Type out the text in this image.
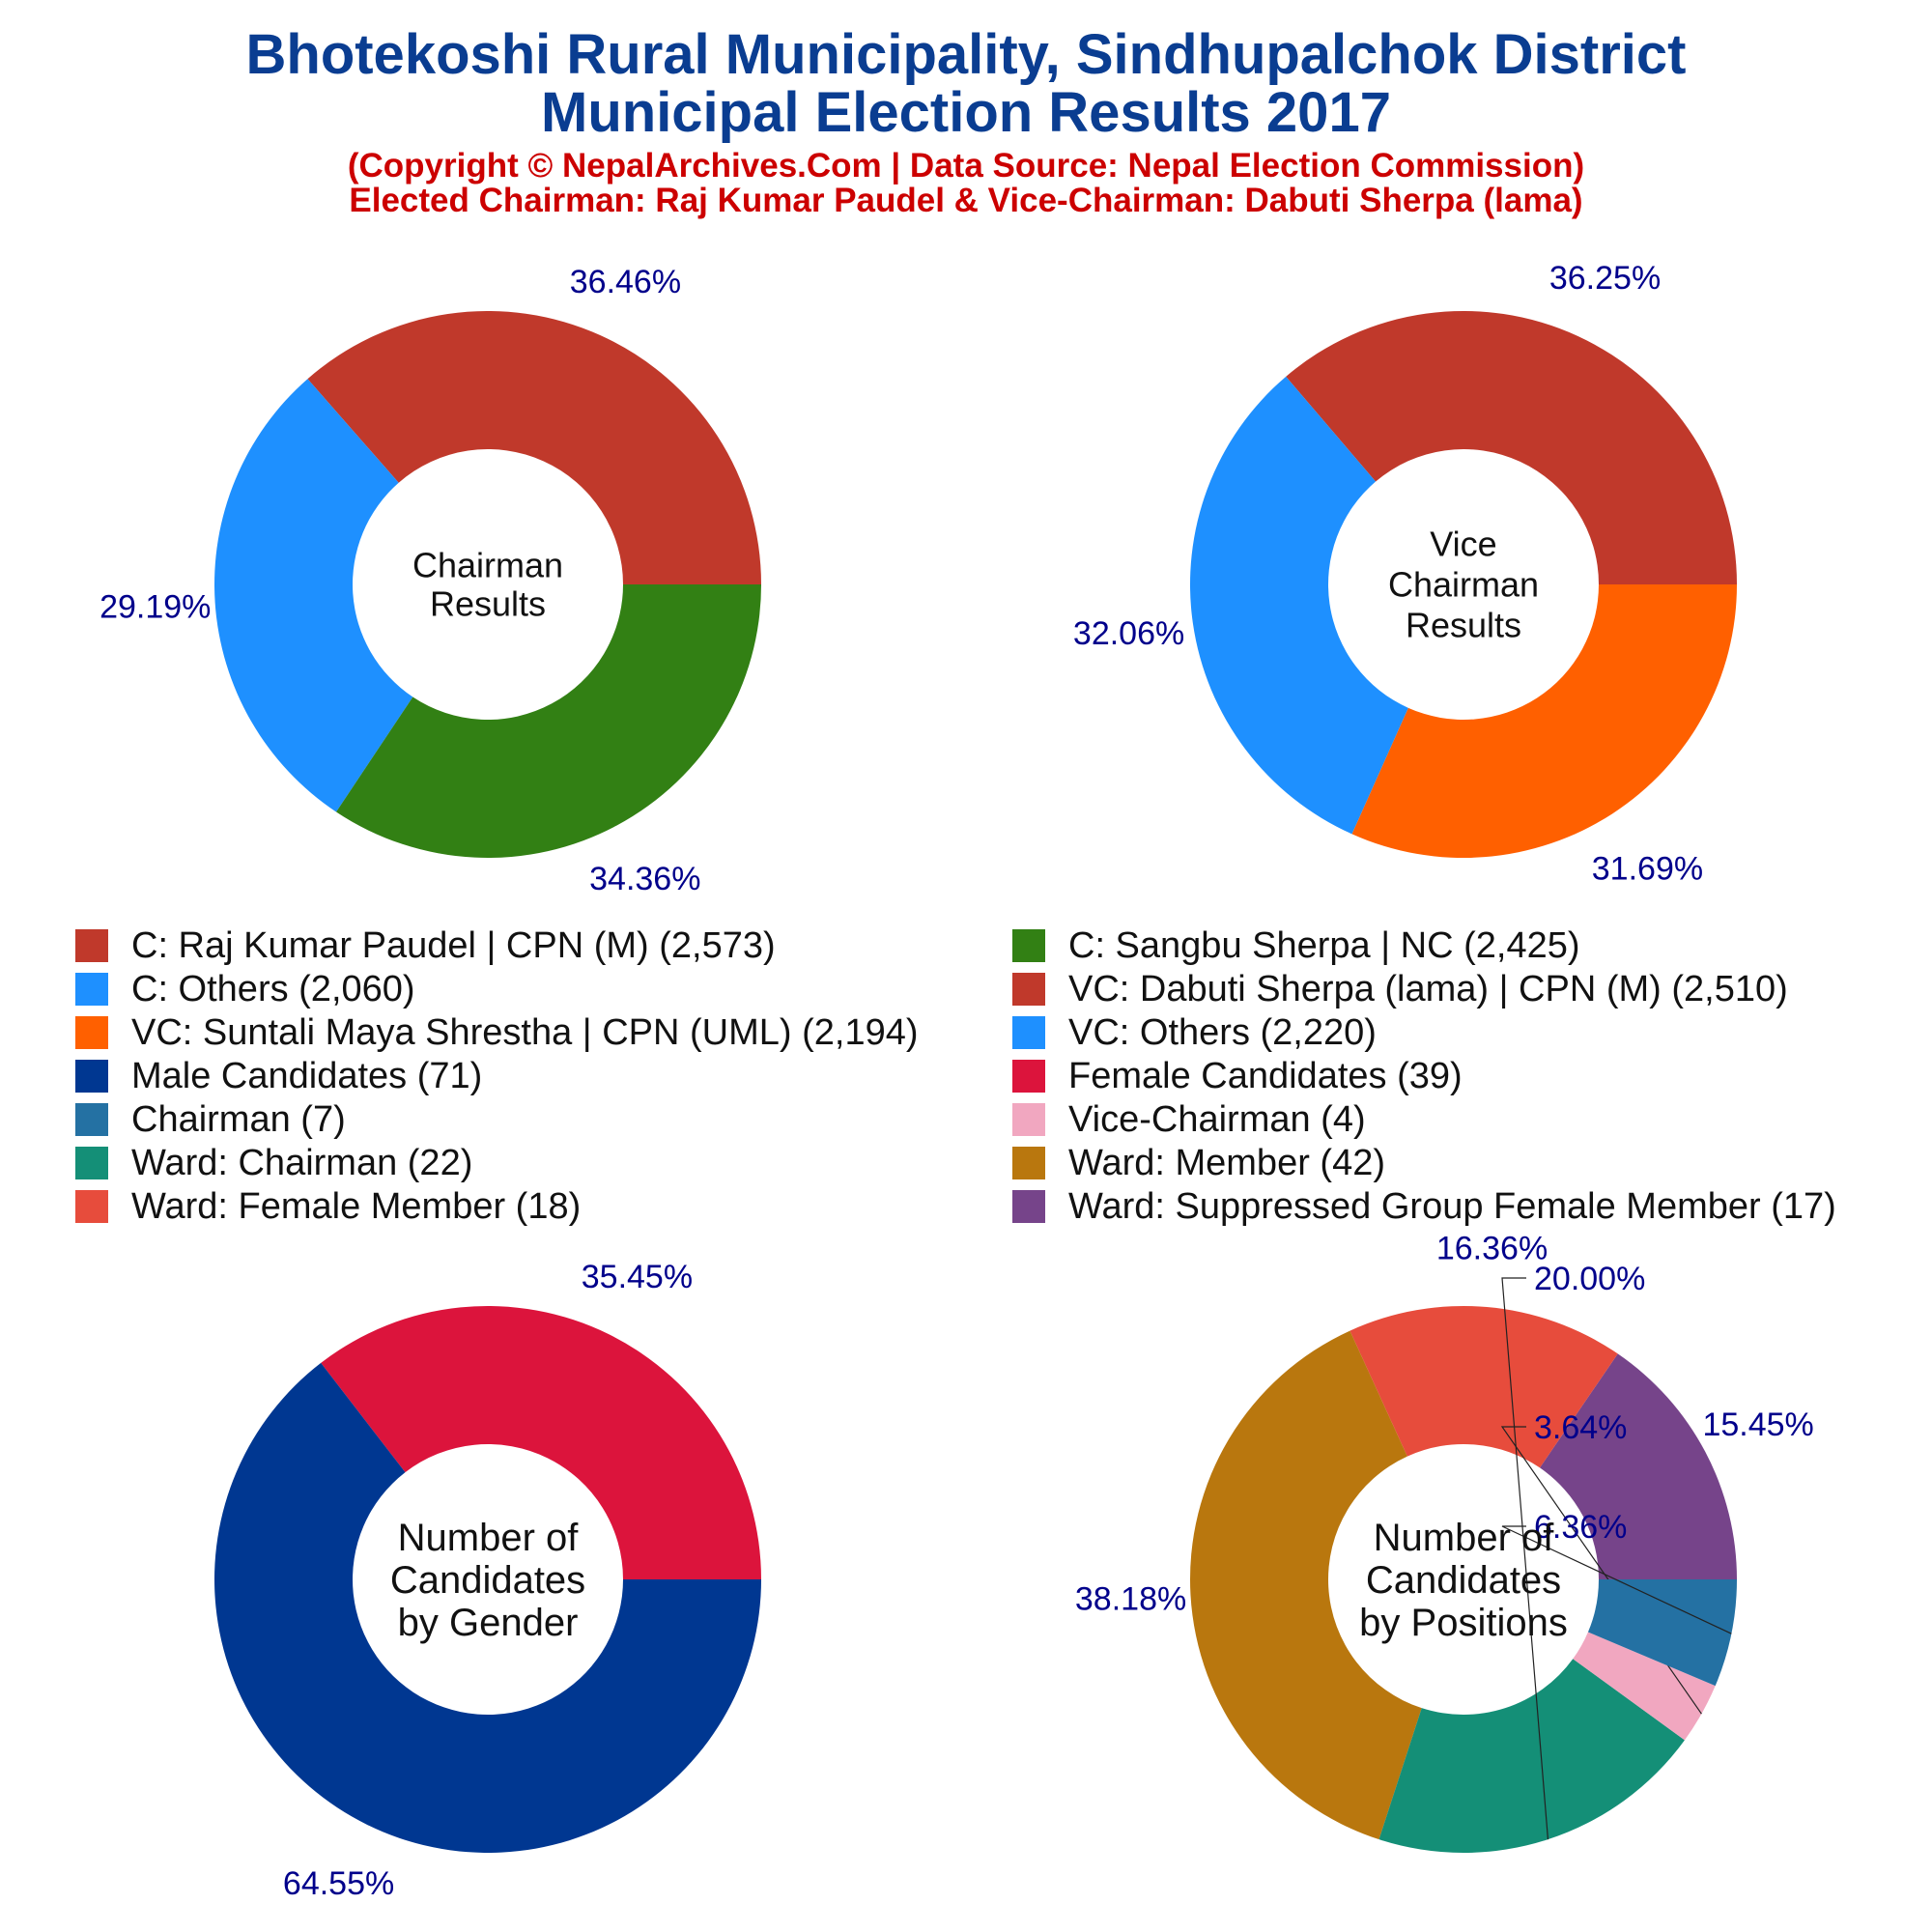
Bhotekoshi Rural Municipality, Sindhupalchok District
Municipal Election Results 2017

(Copyright © NepalArchives.Com | Data Source: Nepal Election Commission)

Elected Chairman: Raj Kumar Paudel & Vice-Chairman: Dabuti Sherpa (lama)

36.46%
29.19%
34.36%
Chairman
Results
36.25%
32.06%
31.69%
Vice
Chairman
Results
35.45%
64.55%
Number of
Candidates
by Gender
15.45%
16.36%
38.18%
20.00%
3.64%
6.36%
Number of
Candidates
by Positions
C: Raj Kumar Paudel | CPN (M) (2,573)
C: Others (2,060)
VC: Suntali Maya Shrestha | CPN (UML) (2,194)
Male Candidates (71)
Chairman (7)
Ward: Chairman (22)
Ward: Female Member (18)
C: Sangbu Sherpa | NC (2,425)
VC: Dabuti Sherpa (lama) | CPN (M) (2,510)
VC: Others (2,220)
Female Candidates (39)
Vice-Chairman (4)
Ward: Member (42)
Ward: Suppressed Group Female Member (17)
